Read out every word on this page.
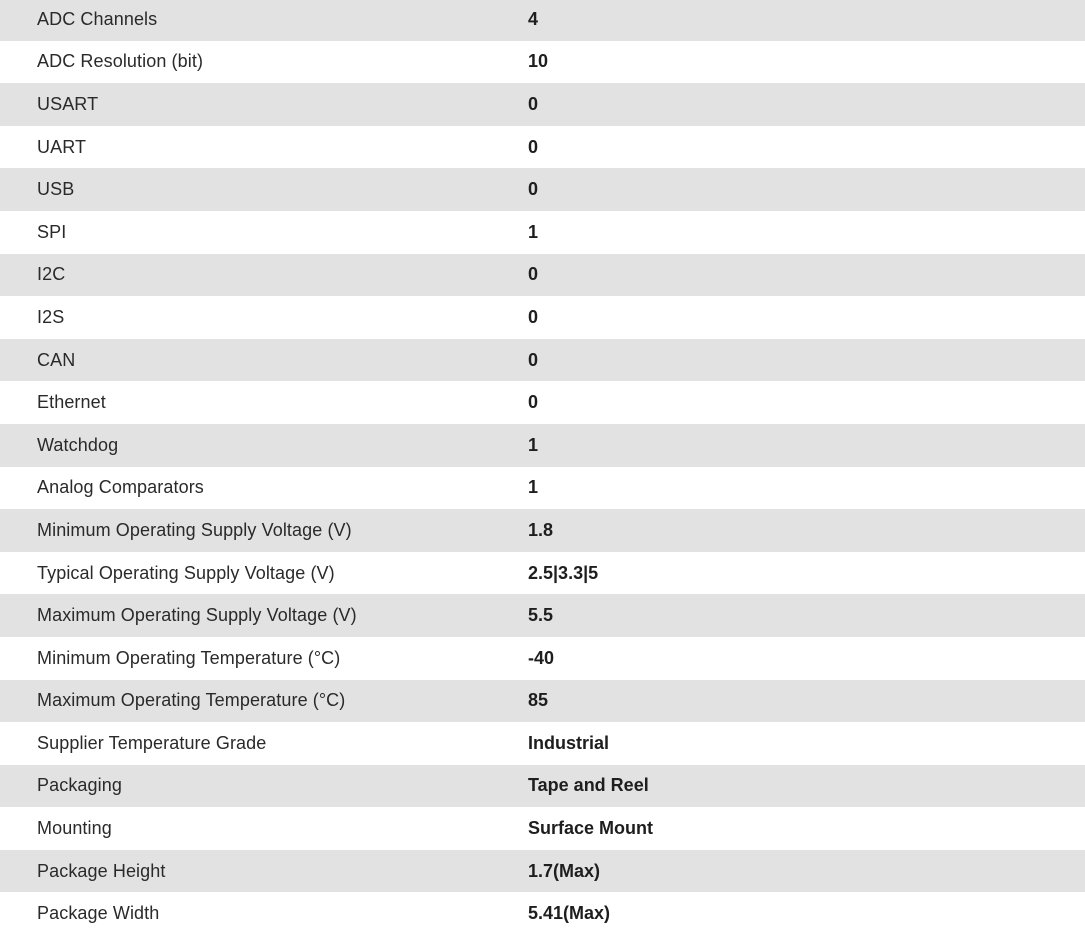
ADC Channels	4
ADC Resolution (bit)	10
USART	0
UART	0
USB	0
SPI	1
I2C	0
I2S	0
CAN	0
Ethernet	0
Watchdog	1
Analog Comparators	1
Minimum Operating Supply Voltage (V)	1.8
Typical Operating Supply Voltage (V)	2.5|3.3|5
Maximum Operating Supply Voltage (V)	5.5
Minimum Operating Temperature (°C)	-40
Maximum Operating Temperature (°C)	85
Supplier Temperature Grade	Industrial
Packaging	Tape and Reel
Mounting	Surface Mount
Package Height	1.7(Max)
Package Width	5.41(Max)
